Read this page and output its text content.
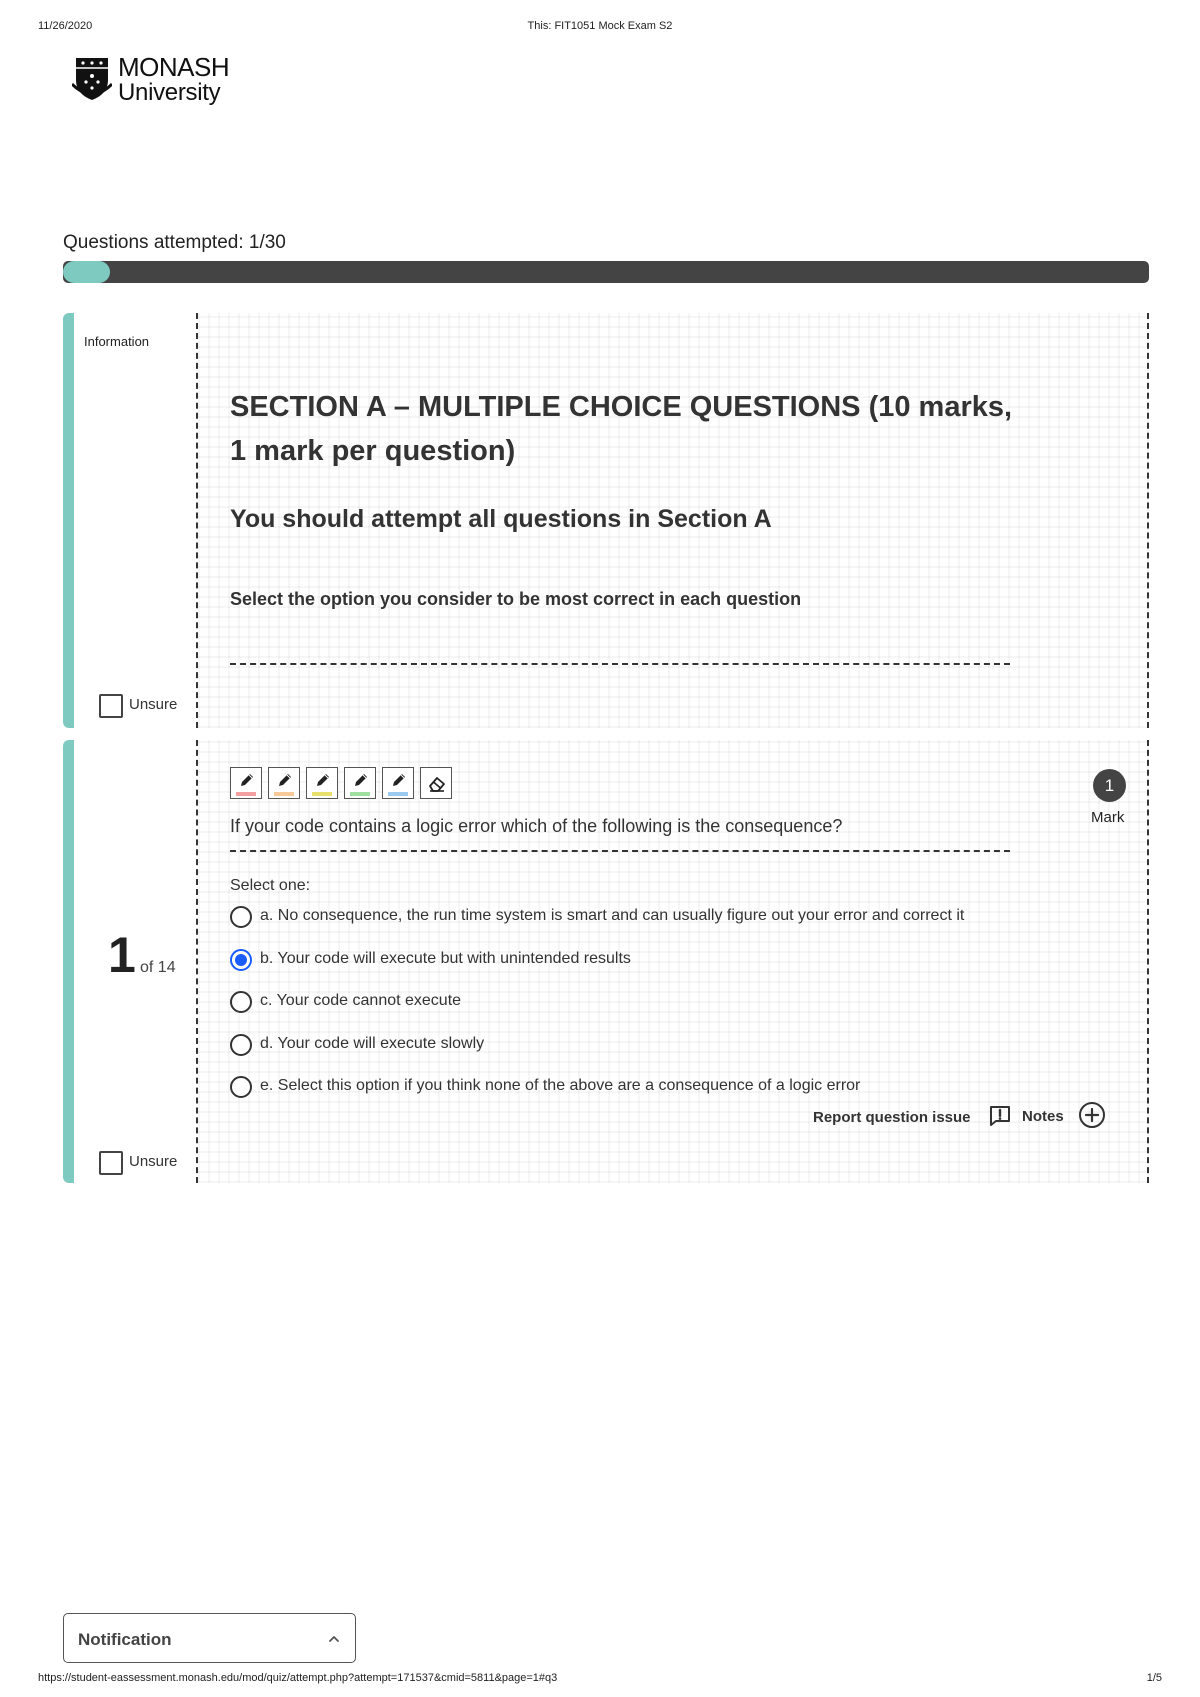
11/26/2020	This: FIT1051 Mock Exam S2
MONASH
University
Questions attempted: 1/30
Information
Unsure
SECTION A – MULTIPLE CHOICE QUESTIONS (10 marks, 1 mark per question)
You should attempt all questions in Section A
Select the option you consider to be most correct in each question
1 of 14
Unsure
1
Mark
If your code contains a logic error which of the following is the consequence?
Select one:
a. No consequence, the run time system is smart and can usually figure out your error and correct it
b. Your code will execute but with unintended results
c. Your code cannot execute
d. Your code will execute slowly
e. Select this option if you think none of the above are a consequence of a logic error
Report question issue	Notes
Notification
https://student-eassessment.monash.edu/mod/quiz/attempt.php?attempt=171537&cmid=5811&page=1#q3	1/5
